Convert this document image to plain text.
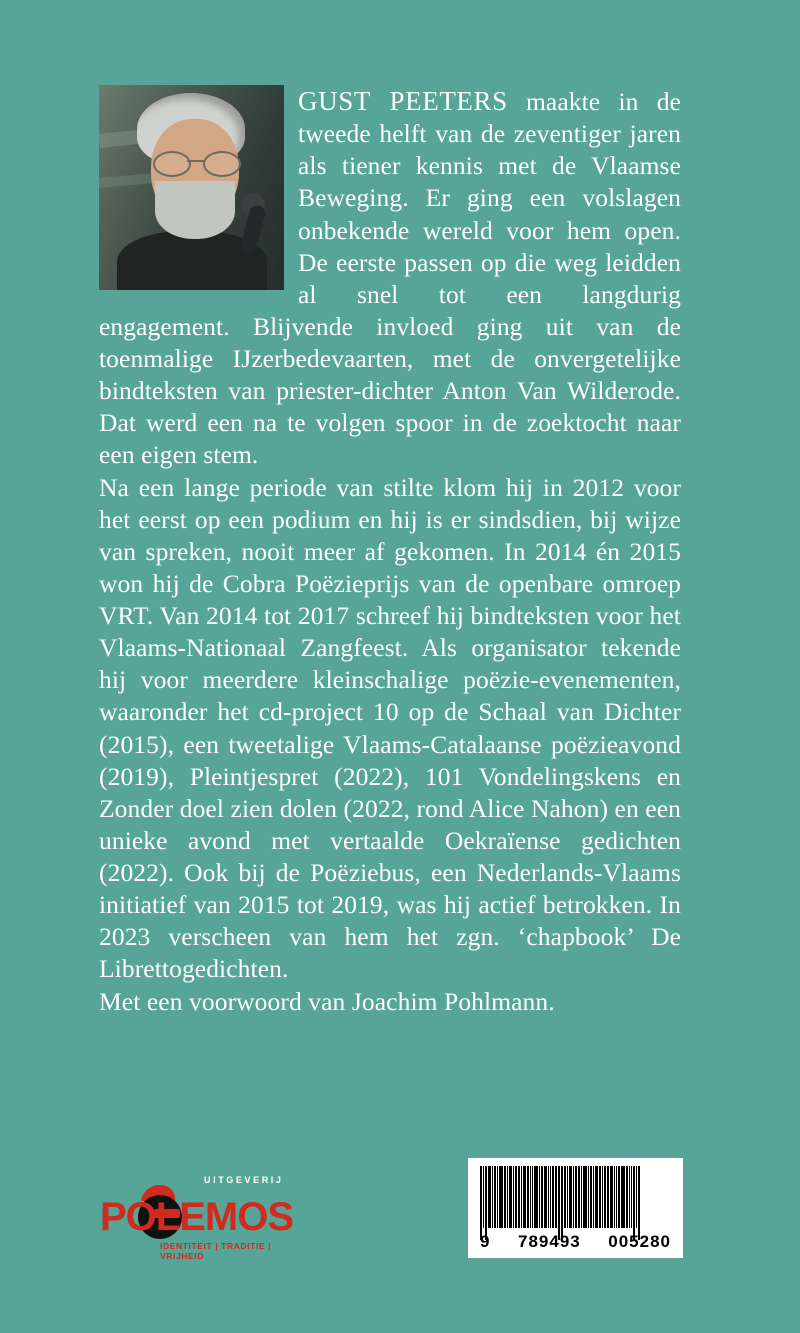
GUST PEETERS maakte in de tweede helft van de zeventiger jaren als tiener kennis met de Vlaamse Beweging. Er ging een volslagen onbekende wereld voor hem open. De eerste passen op die weg leidden al snel tot een langdurig engagement. Blijvende invloed ging uit van de toenmalige IJzerbedevaarten, met de onvergetelijke bindteksten van priester-dichter Anton Van Wilderode. Dat werd een na te volgen spoor in de zoektocht naar een eigen stem.

Na een lange periode van stilte klom hij in 2012 voor het eerst op een podium en hij is er sindsdien, bij wijze van spreken, nooit meer af gekomen. In 2014 én 2015 won hij de Cobra Poëzieprijs van de openbare omroep VRT. Van 2014 tot 2017 schreef hij bindteksten voor het Vlaams-Nationaal Zangfeest. Als organisator tekende hij voor meerdere kleinschalige poëzie-evenementen, waaronder het cd-project 10 op de Schaal van Dichter (2015), een tweetalige Vlaams-Catalaanse poëzieavond (2019), Pleintjespret (2022), 101 Vondelingskens en Zonder doel zien dolen (2022, rond Alice Nahon) en een unieke avond met vertaalde Oekraïense gedichten (2022). Ook bij de Poëziebus, een Nederlands-Vlaams initiatief van 2015 tot 2019, was hij actief betrokken. In 2023 verscheen van hem het zgn. ‘chapbook’ De Librettogedichten.

Met een voorwoord van Joachim Pohlmann.

UITGEVERIJ
POLEMOS
IDENTITEIT | TRADITIE | VRIJHEID
9 789493 005280
